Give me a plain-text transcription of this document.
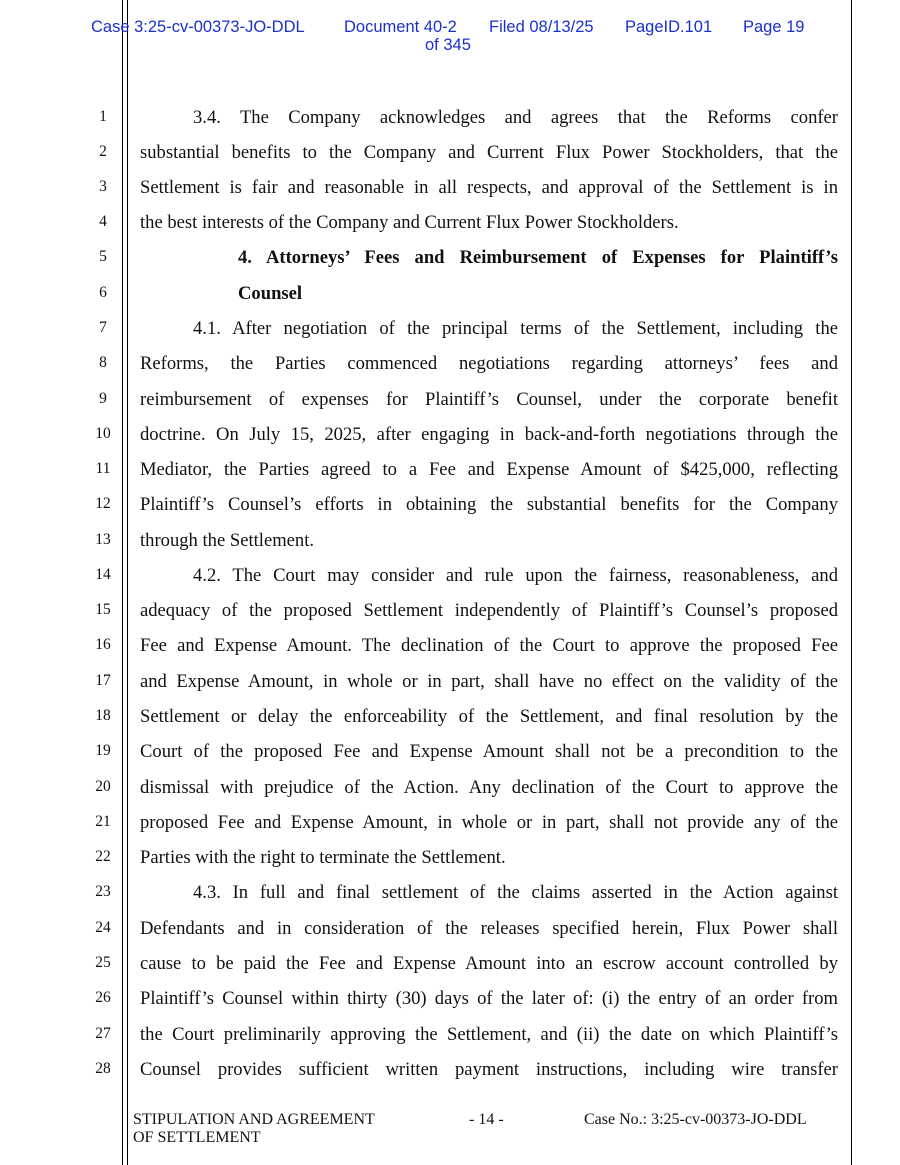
Case 3:25-cv-00373-JO-DDL Document 40-2 Filed 08/13/25 PageID.101 Page 19
of 345
1
2
3
4
5
6
7
8
9
10
11
12
13
14
15
16
17
18
19
20
21
22
23
24
25
26
27
28
3.4. The Company acknowledges and agrees that the Reforms confer
substantial benefits to the Company and Current Flux Power Stockholders, that the
Settlement is fair and reasonable in all respects, and approval of the Settlement is in
the best interests of the Company and Current Flux Power Stockholders.
4. Attorneys’ Fees and Reimbursement of Expenses for Plaintiff’s
Counsel
4.1. After negotiation of the principal terms of the Settlement, including the
Reforms, the Parties commenced negotiations regarding attorneys’ fees and
reimbursement of expenses for Plaintiff’s Counsel, under the corporate benefit
doctrine. On July 15, 2025, after engaging in back-and-forth negotiations through the
Mediator, the Parties agreed to a Fee and Expense Amount of $425,000, reflecting
Plaintiff’s Counsel’s efforts in obtaining the substantial benefits for the Company
through the Settlement.
4.2. The Court may consider and rule upon the fairness, reasonableness, and
adequacy of the proposed Settlement independently of Plaintiff’s Counsel’s proposed
Fee and Expense Amount. The declination of the Court to approve the proposed Fee
and Expense Amount, in whole or in part, shall have no effect on the validity of the
Settlement or delay the enforceability of the Settlement, and final resolution by the
Court of the proposed Fee and Expense Amount shall not be a precondition to the
dismissal with prejudice of the Action. Any declination of the Court to approve the
proposed Fee and Expense Amount, in whole or in part, shall not provide any of the
Parties with the right to terminate the Settlement.
4.3. In full and final settlement of the claims asserted in the Action against
Defendants and in consideration of the releases specified herein, Flux Power shall
cause to be paid the Fee and Expense Amount into an escrow account controlled by
Plaintiff’s Counsel within thirty (30) days of the later of: (i) the entry of an order from
the Court preliminarily approving the Settlement, and (ii) the date on which Plaintiff’s
Counsel provides sufficient written payment instructions, including wire transfer
STIPULATION AND AGREEMENT
OF SETTLEMENT
- 14 -	Case No.: 3:25-cv-00373-JO-DDL
